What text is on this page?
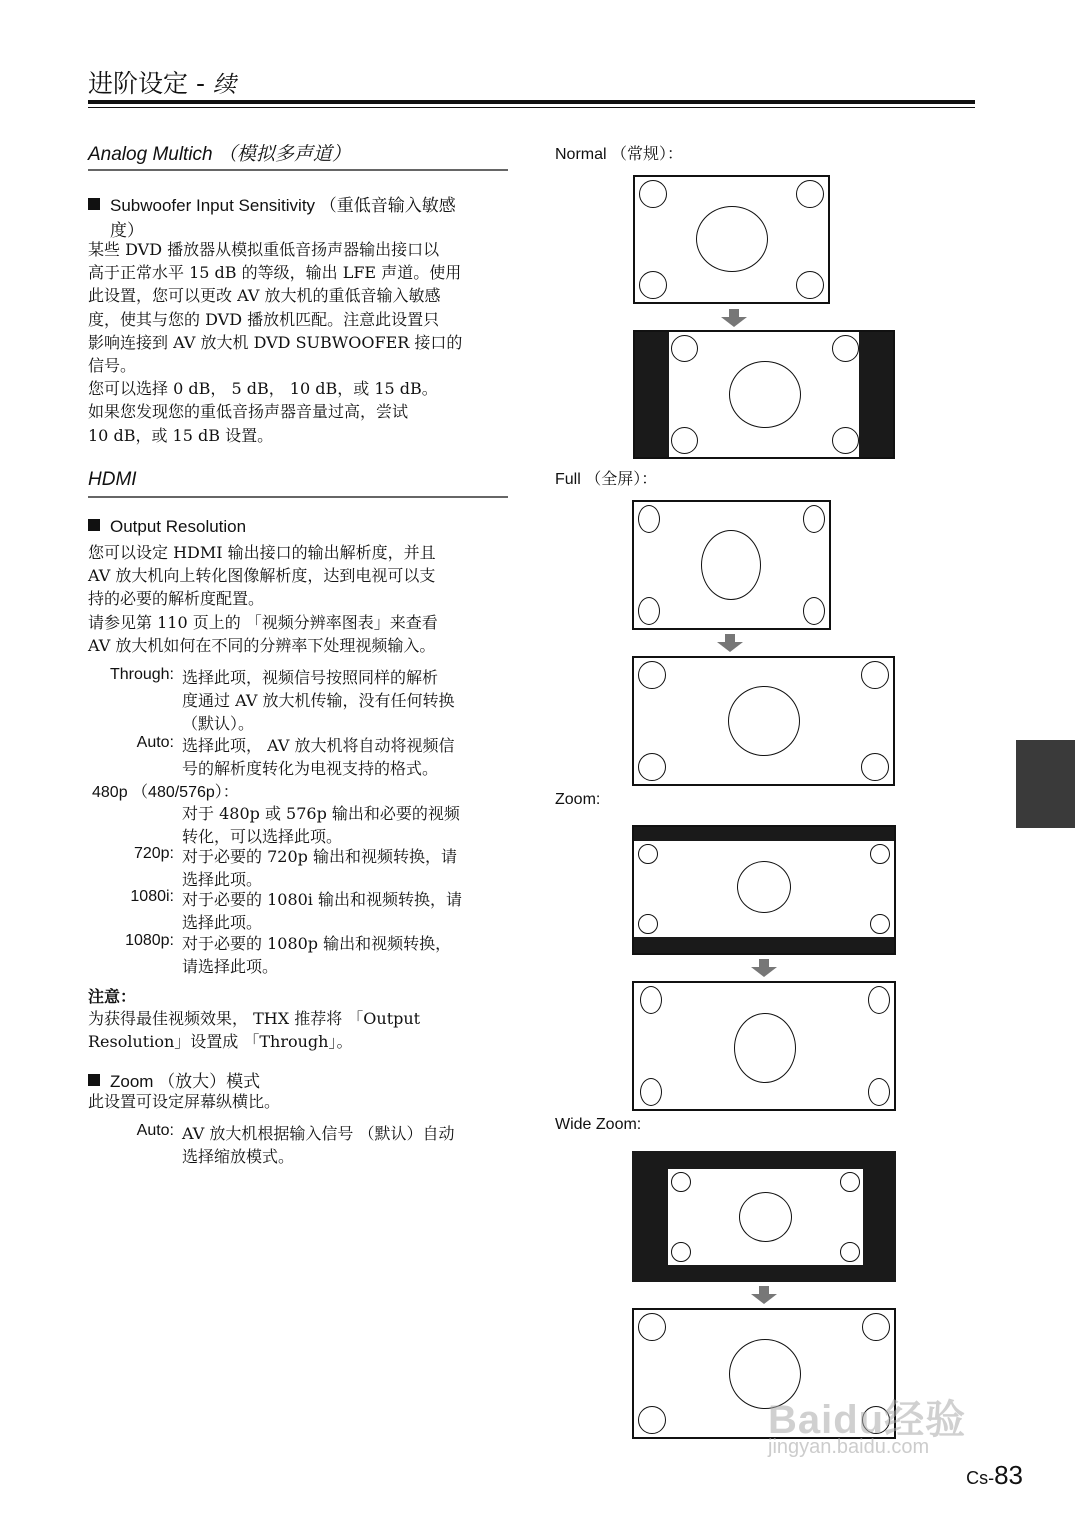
进阶设定 - 续
Analog Multich （模拟多声道）
Subwoofer Input Sensitivity （重低音输入敏感
度）
某些 DVD 播放器从模拟重低音扬声器输出接口以
高于正常水平 15 dB 的等级，输出 LFE 声道。使用
此设置，您可以更改 AV 放大机的重低音输入敏感
度，使其与您的 DVD 播放机匹配。注意此设置只
影响连接到 AV 放大机 DVD SUBWOOFER 接口的
信号。
您可以选择 0 dB， 5 dB， 10 dB，或 15 dB。
如果您发现您的重低音扬声器音量过高，尝试
10 dB，或 15 dB 设置。
HDMI
Output Resolution
您可以设定 HDMI 输出接口的输出解析度，并且
AV 放大机向上转化图像解析度，达到电视可以支
持的必要的解析度配置。
请参见第 110 页上的 「视频分辨率图表」来查看
AV 放大机如何在不同的分辨率下处理视频输入。
Through: 选择此项，视频信号按照同样的解析
度通过 AV 放大机传输，没有任何转换
（默认）。
Auto: 选择此项， AV 放大机将自动将视频信
号的解析度转化为电视支持的格式。
480p （480/576p）：
对于 480p 或 576p 输出和必要的视频
转化，可以选择此项。
720p: 对于必要的 720p 输出和视频转换，请
选择此项。
1080i: 对于必要的 1080i 输出和视频转换，请
选择此项。
1080p: 对于必要的 1080p 输出和视频转换，
请选择此项。
注意：
为获得最佳视频效果， THX 推荐将 「Output
Resolution」设置成 「Through」。
Zoom （放大）模式
此设置可设定屏幕纵横比。
Auto: AV 放大机根据输入信号 （默认）自动
选择缩放模式。
Normal （常规）：
Full （全屏）：
Zoom:
Wide Zoom:
Baidu经验
jingyan.baidu.com
Cs-83
